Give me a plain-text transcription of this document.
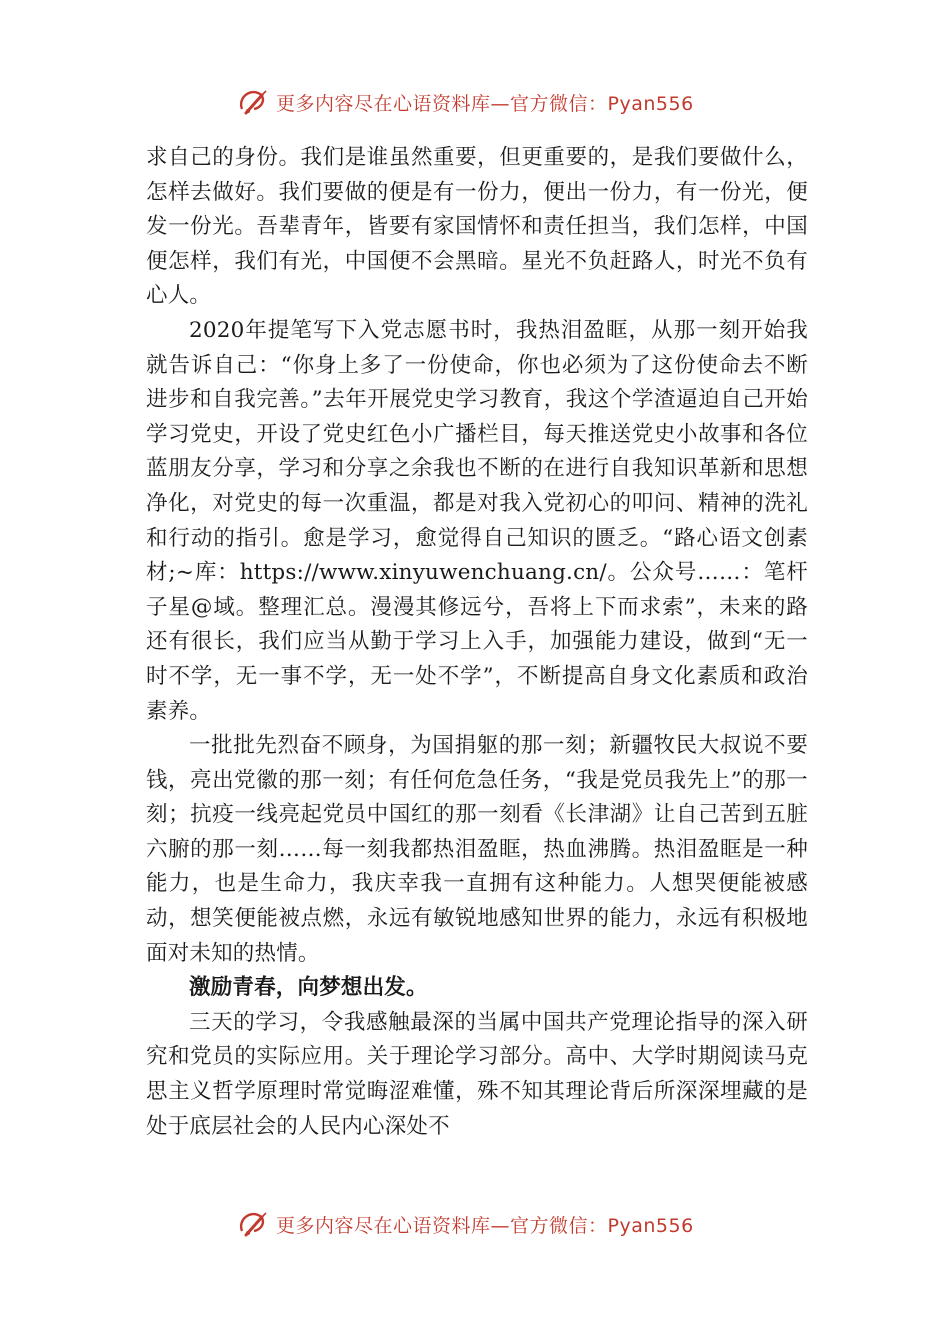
更多内容尽在心语资料库—官方微信：Pyan556

求自己的身份。我们是谁虽然重要，但更重要的，是我们要做什么，怎样去做好。我们要做的便是有一份力，便出一份力，有一份光，便发一份光。吾辈青年，皆要有家国情怀和责任担当，我们怎样，中国便怎样，我们有光，中国便不会黑暗。星光不负赶路人，时光不负有心人。

2020年提笔写下入党志愿书时，我热泪盈眶，从那一刻开始我就告诉自己：“你身上多了一份使命，你也必须为了这份使命去不断进步和自我完善。”去年开展党史学习教育，我这个学渣逼迫自己开始学习党史，开设了党史红色小广播栏目，每天推送党史小故事和各位蓝朋友分享，学习和分享之余我也不断的在进行自我知识革新和思想净化，对党史的每一次重温，都是对我入党初心的叩问、精神的洗礼和行动的指引。愈是学习，愈觉得自己知识的匮乏。“路心语文创素材;~库：https://www.xinyuwenchuang.cn/。公众号……：笔杆子星@域。整理汇总。漫漫其修远兮，吾将上下而求索”，未来的路还有很长，我们应当从勤于学习上入手，加强能力建设，做到“无一时不学，无一事不学，无一处不学”，不断提高自身文化素质和政治素养。

一批批先烈奋不顾身，为国捐躯的那一刻；新疆牧民大叔说不要钱，亮出党徽的那一刻；有任何危急任务，“我是党员我先上”的那一刻；抗疫一线亮起党员中国红的那一刻看《长津湖》让自己苦到五脏六腑的那一刻……每一刻我都热泪盈眶，热血沸腾。热泪盈眶是一种能力，也是生命力，我庆幸我一直拥有这种能力。人想哭便能被感动，想笑便能被点燃，永远有敏锐地感知世界的能力，永远有积极地面对未知的热情。

激励青春，向梦想出发。

三天的学习，令我感触最深的当属中国共产党理论指导的深入研究和党员的实际应用。关于理论学习部分。高中、大学时期阅读马克思主义哲学原理时常觉晦涩难懂，殊不知其理论背后所深深埋藏的是处于底层社会的人民内心深处不

更多内容尽在心语资料库—官方微信：Pyan556
